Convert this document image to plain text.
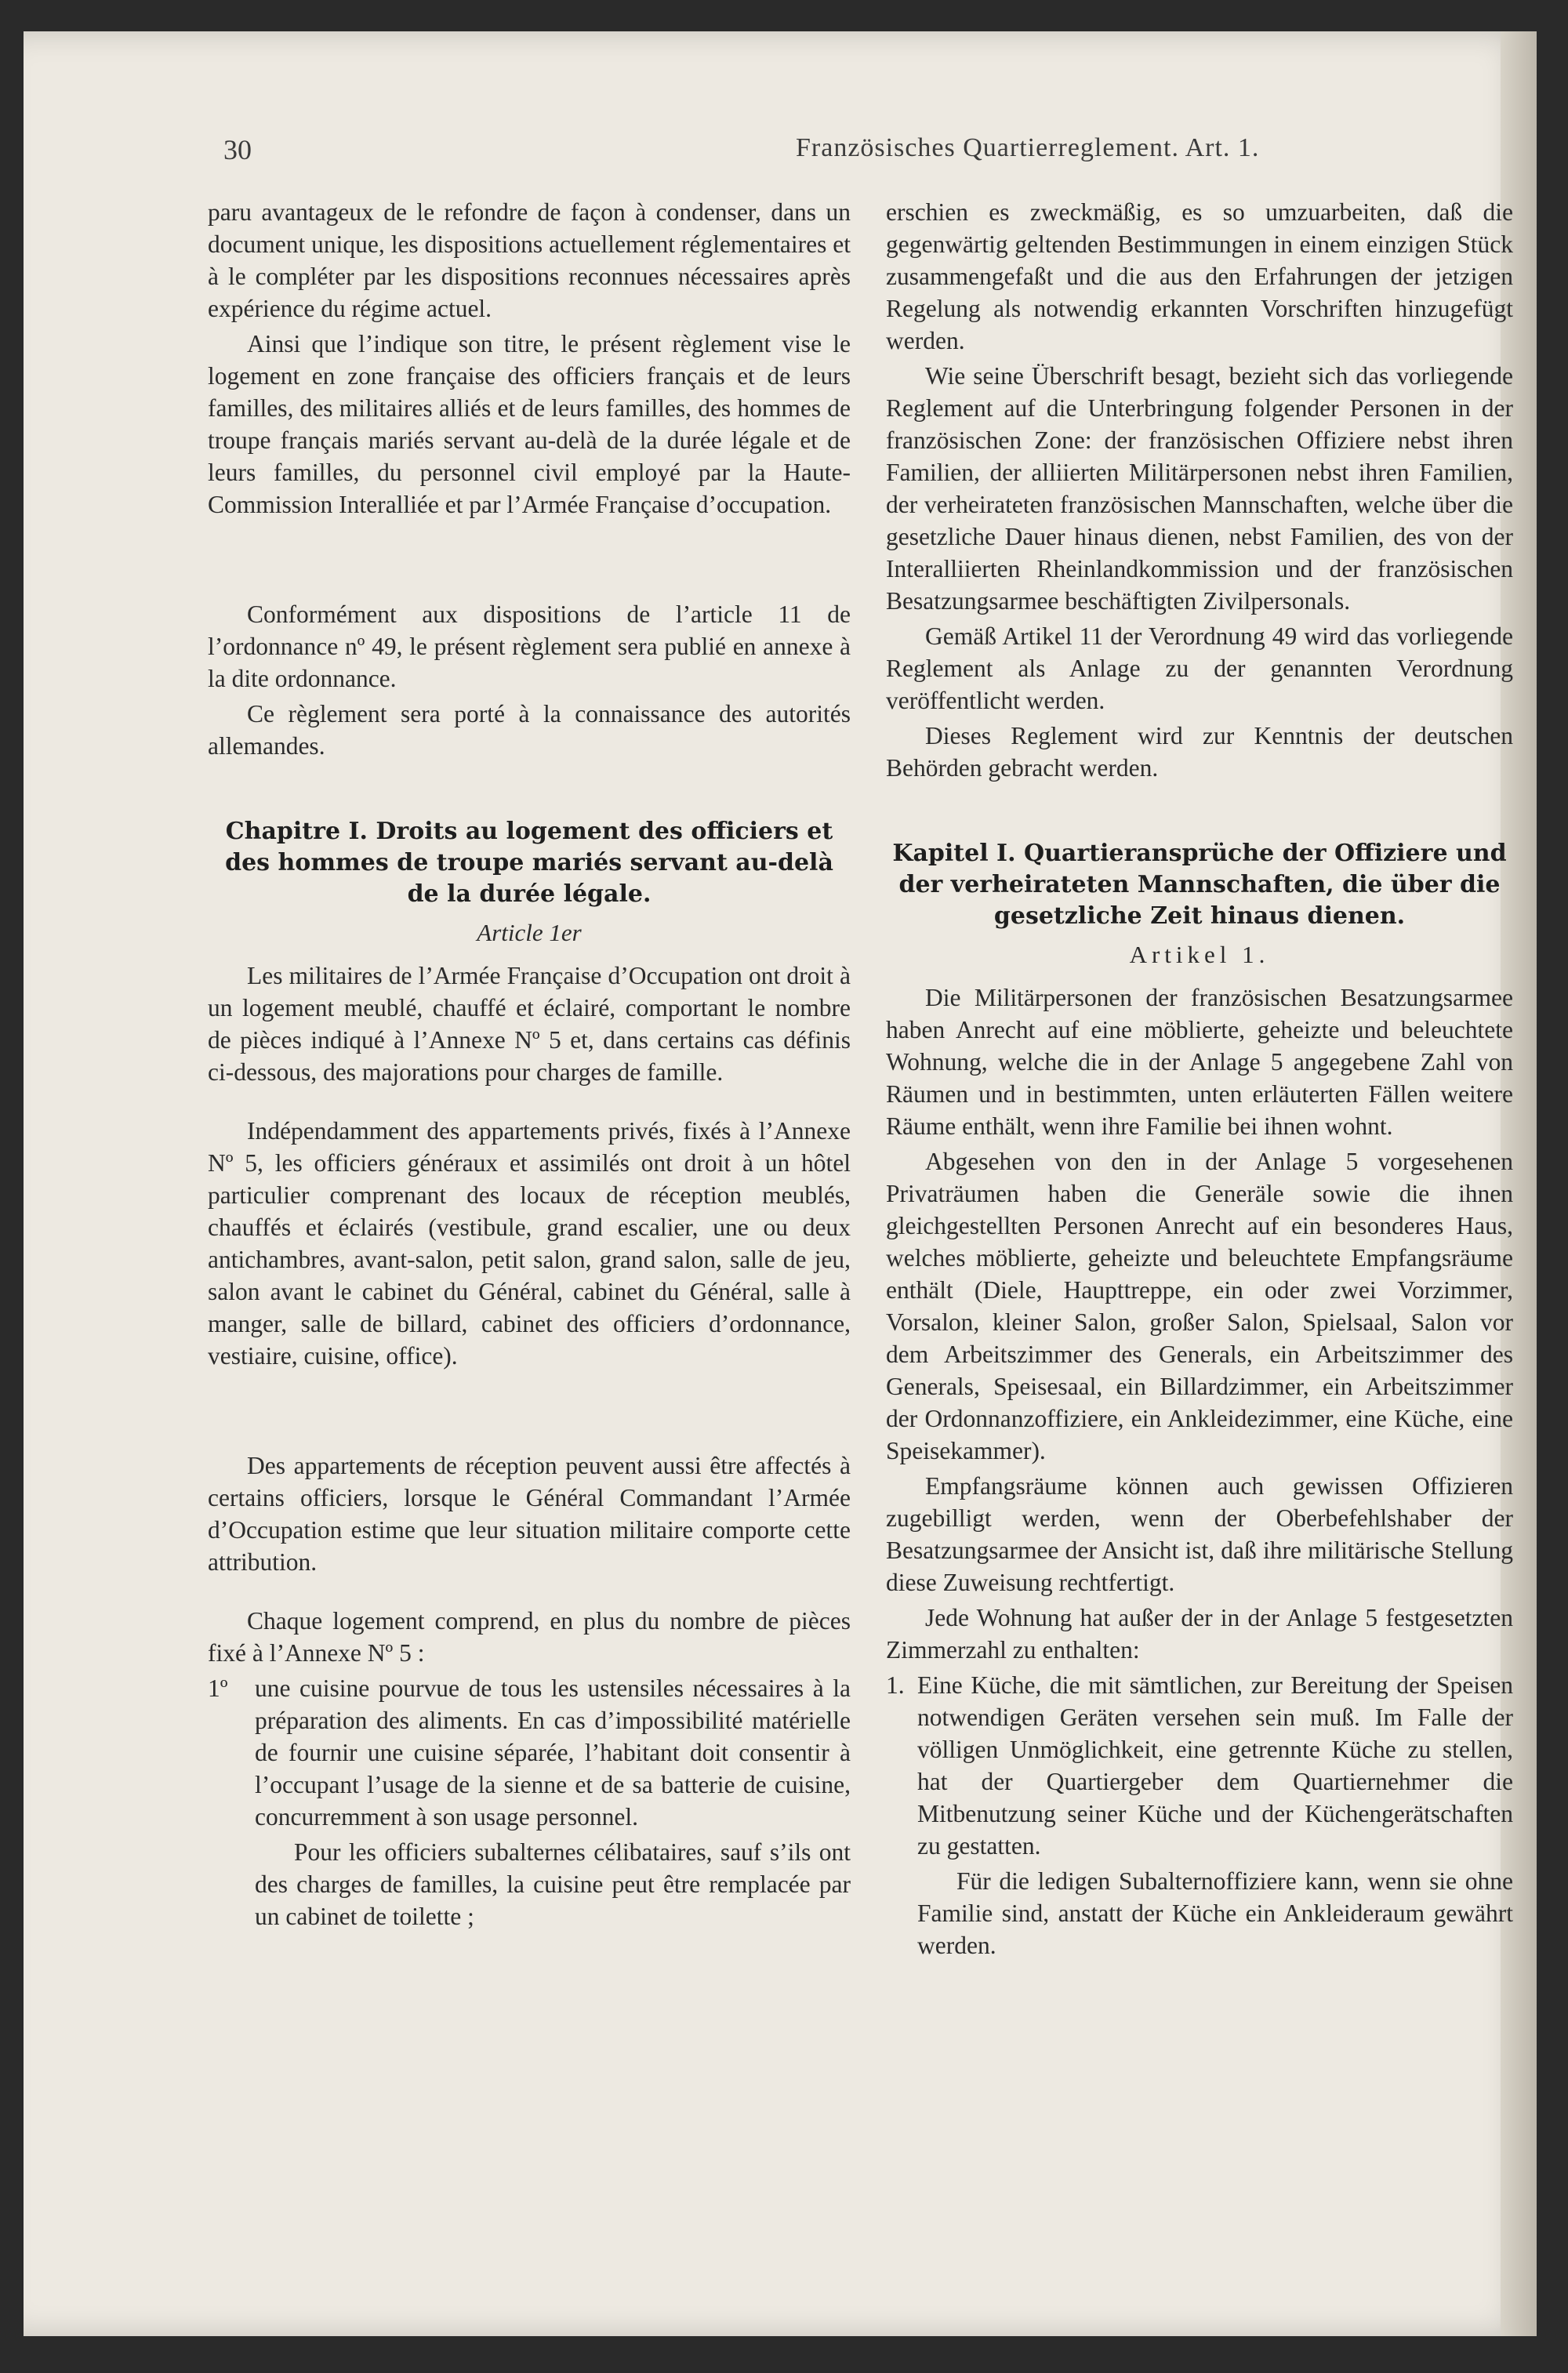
30	Französisches Quartierreglement. Art. 1.

paru avantageux de le refondre de façon à condenser, dans un document unique, les dispositions actuellement réglementaires et à le compléter par les dispositions reconnues nécessaires après expérience du régime actuel.

Ainsi que l’indique son titre, le présent règlement vise le logement en zone française des officiers français et de leurs familles, des militaires alliés et de leurs familles, des hommes de troupe français mariés servant au-delà de la durée légale et de leurs familles, du personnel civil employé par la Haute-Commission Interalliée et par l’Armée Française d’occupation.

Conformément aux dispositions de l’article 11 de l’ordonnance nº 49, le présent règlement sera publié en annexe à la dite ordonnance.

Ce règlement sera porté à la connaissance des autorités allemandes.

Chapitre I. Droits au logement des officiers et des hommes de troupe mariés servant au-delà de la durée légale.
Article 1er

Les militaires de l’Armée Française d’Occupation ont droit à un logement meublé, chauffé et éclairé, comportant le nombre de pièces indiqué à l’Annexe Nº 5 et, dans certains cas définis ci-dessous, des majorations pour charges de famille.

Indépendamment des appartements privés, fixés à l’Annexe Nº 5, les officiers généraux et assimilés ont droit à un hôtel particulier comprenant des locaux de réception meublés, chauffés et éclairés (vestibule, grand escalier, une ou deux antichambres, avant-salon, petit salon, grand salon, salle de jeu, salon avant le cabinet du Général, cabinet du Général, salle à manger, salle de billard, cabinet des officiers d’ordonnance, vestiaire, cuisine, office).

Des appartements de réception peuvent aussi être affectés à certains officiers, lorsque le Général Commandant l’Armée d’Occupation estime que leur situation militaire comporte cette attribution.

Chaque logement comprend, en plus du nombre de pièces fixé à l’Annexe Nº 5 :

1º une cuisine pourvue de tous les ustensiles nécessaires à la préparation des aliments. En cas d’impossibilité matérielle de fournir une cuisine séparée, l’habitant doit consentir à l’occupant l’usage de la sienne et de sa batterie de cuisine, concurremment à son usage personnel.

Pour les officiers subalternes célibataires, sauf s’ils ont des charges de familles, la cuisine peut être remplacée par un cabinet de toilette ;

erschien es zweckmäßig, es so umzuarbeiten, daß die gegenwärtig geltenden Bestimmungen in einem einzigen Stück zusammengefaßt und die aus den Erfahrungen der jetzigen Regelung als notwendig erkannten Vorschriften hinzugefügt werden.

Wie seine Überschrift besagt, bezieht sich das vorliegende Reglement auf die Unterbringung folgender Personen in der französischen Zone: der französischen Offiziere nebst ihren Familien, der alliierten Militärpersonen nebst ihren Familien, der verheirateten französischen Mannschaften, welche über die gesetzliche Dauer hinaus dienen, nebst Familien, des von der Interalliierten Rheinlandkommission und der französischen Besatzungsarmee beschäftigten Zivilpersonals.

Gemäß Artikel 11 der Verordnung 49 wird das vorliegende Reglement als Anlage zu der genannten Verordnung veröffentlicht werden.

Dieses Reglement wird zur Kenntnis der deutschen Behörden gebracht werden.

Kapitel I. Quartieransprüche der Offiziere und der verheirateten Mannschaften, die über die gesetzliche Zeit hinaus dienen.
Artikel 1.

Die Militärpersonen der französischen Besatzungsarmee haben Anrecht auf eine möblierte, geheizte und beleuchtete Wohnung, welche die in der Anlage 5 angegebene Zahl von Räumen und in bestimmten, unten erläuterten Fällen weitere Räume enthält, wenn ihre Familie bei ihnen wohnt.

Abgesehen von den in der Anlage 5 vorgesehenen Privaträumen haben die Generäle sowie die ihnen gleichgestellten Personen Anrecht auf ein besonderes Haus, welches möblierte, geheizte und beleuchtete Empfangsräume enthält (Diele, Haupttreppe, ein oder zwei Vorzimmer, Vorsalon, kleiner Salon, großer Salon, Spielsaal, Salon vor dem Arbeitszimmer des Generals, ein Arbeitszimmer des Generals, Speisesaal, ein Billardzimmer, ein Arbeitszimmer der Ordonnanzoffiziere, ein Ankleidezimmer, eine Küche, eine Speisekammer).

Empfangsräume können auch gewissen Offizieren zugebilligt werden, wenn der Oberbefehlshaber der Besatzungsarmee der Ansicht ist, daß ihre militärische Stellung diese Zuweisung rechtfertigt.

Jede Wohnung hat außer der in der Anlage 5 festgesetzten Zimmerzahl zu enthalten:

1. Eine Küche, die mit sämtlichen, zur Bereitung der Speisen notwendigen Geräten versehen sein muß. Im Falle der völligen Unmöglichkeit, eine getrennte Küche zu stellen, hat der Quartiergeber dem Quartiernehmer die Mitbenutzung seiner Küche und der Küchengerätschaften zu gestatten.

Für die ledigen Subalternoffiziere kann, wenn sie ohne Familie sind, anstatt der Küche ein Ankleideraum gewährt werden.
